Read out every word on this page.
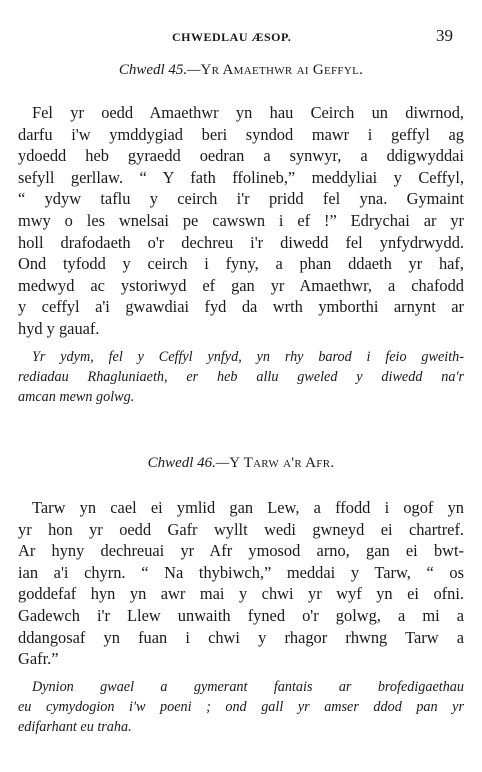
CHWEDLAU ÆSOP.	39
Chwedl 45.—Yr Amaethwr ai Geffyl.
Fel yr oedd Amaethwr yn hau Ceirch un diwrnod,
darfu i'w ymddygiad beri syndod mawr i geffyl ag
ydoedd heb gyraedd oedran a synwyr, a ddigwyddai
sefyll gerllaw. “ Y fath ffolineb,” meddyliai y Ceffyl,
“ ydyw taflu y ceirch i'r pridd fel yna. Gymaint
mwy o les wnelsai pe cawswn i ef !” Edrychai ar yr
holl drafodaeth o'r dechreu i'r diwedd fel ynfydrwydd.
Ond tyfodd y ceirch i fyny, a phan ddaeth yr haf,
medwyd ac ystoriwyd ef gan yr Amaethwr, a chafodd
y ceffyl a'i gwawdiai fyd da wrth ymborthi arnynt ar
hyd y gauaf.
Yr ydym, fel y Ceffyl ynfyd, yn rhy barod i feio gweith-
rediadau Rhagluniaeth, er heb allu gweled y diwedd na'r
amcan mewn golwg.
Chwedl 46.—Y Tarw a'r Afr.
Tarw yn cael ei ymlid gan Lew, a ffodd i ogof yn
yr hon yr oedd Gafr wyllt wedi gwneyd ei chartref.
Ar hyny dechreuai yr Afr ymosod arno, gan ei bwt-
ian a'i chyrn. “ Na thybiwch,” meddai y Tarw, “ os
goddefaf hyn yn awr mai y chwi yr wyf yn ei ofni.
Gadewch i'r Llew unwaith fyned o'r golwg, a mi a
ddangosaf yn fuan i chwi y rhagor rhwng Tarw a
Gafr.”
Dynion gwael a gymerant fantais ar brofedigaethau
eu cymydogion i'w poeni ; ond gall yr amser ddod pan yr
edifarhant eu traha.
